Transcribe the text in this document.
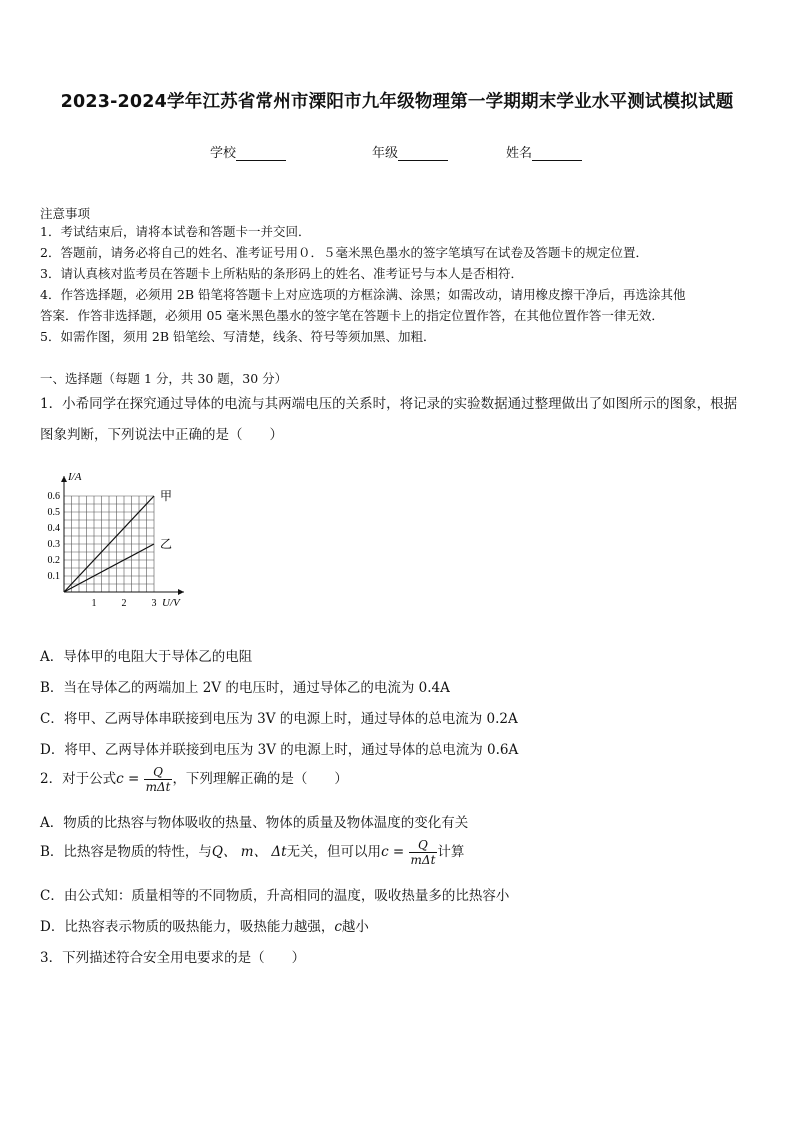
2023-2024学年江苏省常州市溧阳市九年级物理第一学期期末学业水平测试模拟试题
学校	年级	姓名
注意事项
1．考试结束后，请将本试卷和答题卡一并交回．
2．答题前，请务必将自己的姓名、准考证号用０．５毫米黑色墨水的签字笔填写在试卷及答题卡的规定位置．
3．请认真核对监考员在答题卡上所粘贴的条形码上的姓名、准考证号与本人是否相符．
4．作答选择题，必须用 2B 铅笔将答题卡上对应选项的方框涂满、涂黑；如需改动，请用橡皮擦干净后，再选涂其他
答案．作答非选择题，必须用 05 毫米黑色墨水的签字笔在答题卡上的指定位置作答，在其他位置作答一律无效．
5．如需作图，须用 2B 铅笔绘、写清楚，线条、符号等须加黑、加粗．
一、选择题（每题 1 分，共 30 题，30 分）
1．小希同学在探究通过导体的电流与其两端电压的关系时，将记录的实验数据通过整理做出了如图所示的图象，根据
图象判断，下列说法中正确的是（　　）
I/A
U/V
0.1
0.2
0.3
0.4
0.5
0.6
1	2	3
甲
乙
A．导体甲的电阻大于导体乙的电阻
B．当在导体乙的两端加上 2V 的电压时，通过导体乙的电流为 0.4A
C．将甲、乙两导体串联接到电压为 3V 的电源上时，通过导体的总电流为 0.2A
D．将甲、乙两导体并联接到电压为 3V 的电源上时，通过导体的总电流为 0.6A
2．对于公式$c = \frac{Q}{\text{mΔt}}$ ，下列理解正确的是（　　）
A．物质的比热容与物体吸收的热量、物体的质量及物体温度的变化有关
B．比热容是物质的特性，与Q、 m、 Δt无关，但可以用$c = \frac{Q}{\text{mΔt}}$ 计算
C．由公式知：质量相等的不同物质，升高相同的温度，吸收热量多的比热容小
D．比热容表示物质的吸热能力，吸热能力越强，c越小
3．下列描述符合安全用电要求的是（　　）
